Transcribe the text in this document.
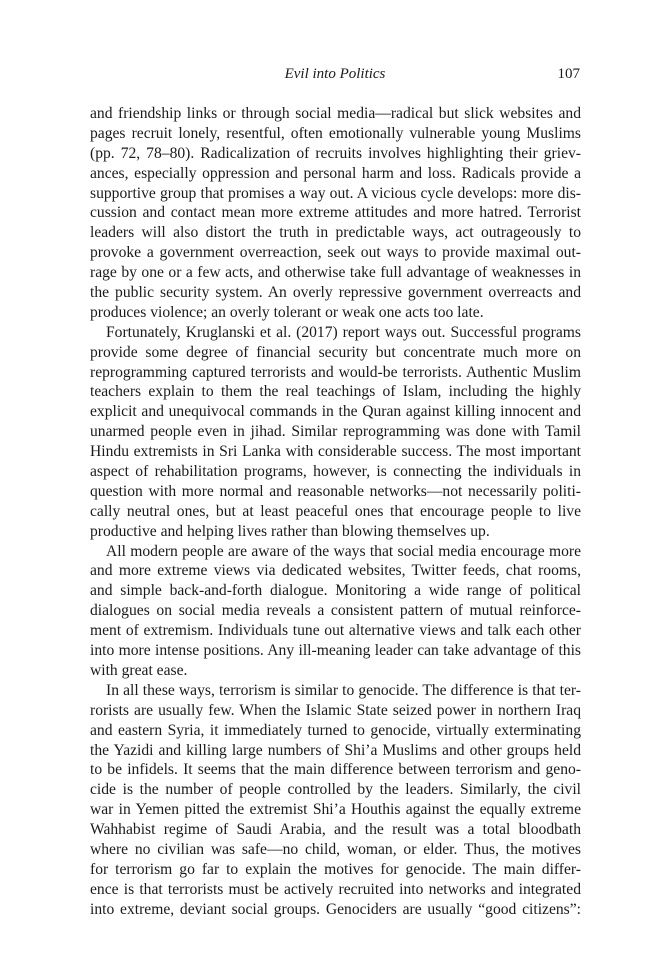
Evil into Politics	107
and friendship links or through social media—radical but slick websites and
pages recruit lonely, resentful, often emotionally vulnerable young Muslims
(pp. 72, 78–80). Radicalization of recruits involves highlighting their griev-
ances, especially oppression and personal harm and loss. Radicals provide a
supportive group that promises a way out. A vicious cycle develops: more dis-
cussion and contact mean more extreme attitudes and more hatred. Terrorist
leaders will also distort the truth in predictable ways, act outrageously to
provoke a government overreaction, seek out ways to provide maximal out-
rage by one or a few acts, and otherwise take full advantage of weaknesses in
the public security system. An overly repressive government overreacts and
produces violence; an overly tolerant or weak one acts too late.
Fortunately, Kruglanski et al. (2017) report ways out. Successful programs
provide some degree of financial security but concentrate much more on
reprogramming captured terrorists and would-be terrorists. Authentic Muslim
teachers explain to them the real teachings of Islam, including the highly
explicit and unequivocal commands in the Quran against killing innocent and
unarmed people even in jihad. Similar reprogramming was done with Tamil
Hindu extremists in Sri Lanka with considerable success. The most important
aspect of rehabilitation programs, however, is connecting the individuals in
question with more normal and reasonable networks—not necessarily politi-
cally neutral ones, but at least peaceful ones that encourage people to live
productive and helping lives rather than blowing themselves up.
All modern people are aware of the ways that social media encourage more
and more extreme views via dedicated websites, Twitter feeds, chat rooms,
and simple back-and-forth dialogue. Monitoring a wide range of political
dialogues on social media reveals a consistent pattern of mutual reinforce-
ment of extremism. Individuals tune out alternative views and talk each other
into more intense positions. Any ill-meaning leader can take advantage of this
with great ease.
In all these ways, terrorism is similar to genocide. The difference is that ter-
rorists are usually few. When the Islamic State seized power in northern Iraq
and eastern Syria, it immediately turned to genocide, virtually exterminating
the Yazidi and killing large numbers of Shi’a Muslims and other groups held
to be infidels. It seems that the main difference between terrorism and geno-
cide is the number of people controlled by the leaders. Similarly, the civil
war in Yemen pitted the extremist Shi’a Houthis against the equally extreme
Wahhabist regime of Saudi Arabia, and the result was a total bloodbath
where no civilian was safe—no child, woman, or elder. Thus, the motives
for terrorism go far to explain the motives for genocide. The main differ-
ence is that terrorists must be actively recruited into networks and integrated
into extreme, deviant social groups. Genociders are usually “good citizens”:
